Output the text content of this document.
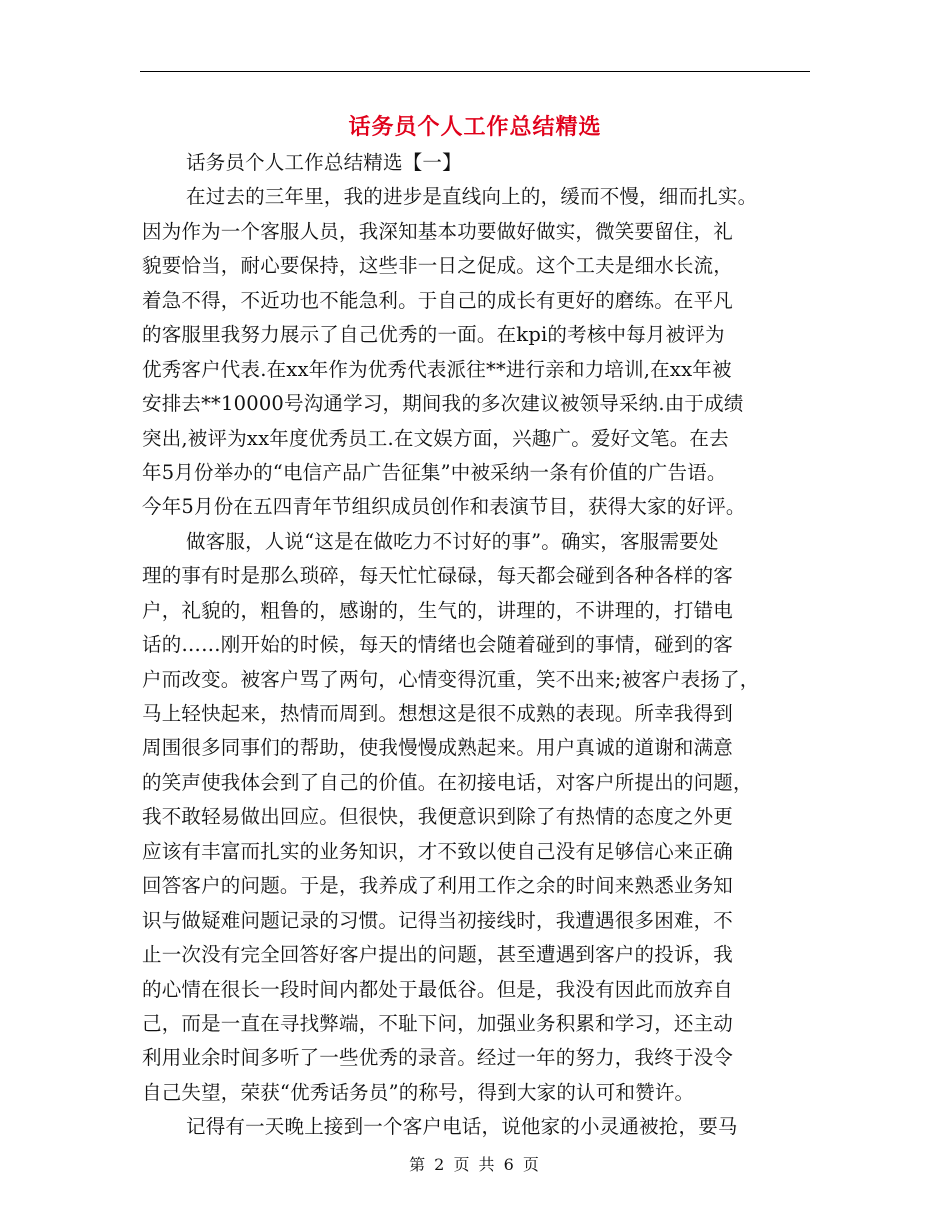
话务员个人工作总结精选
话务员个人工作总结精选【一】
在过去的三年里，我的进步是直线向上的，缓而不慢，细而扎实。
因为作为一个客服人员，我深知基本功要做好做实，微笑要留住，礼
貌要恰当，耐心要保持，这些非一日之促成。这个工夫是细水长流，
着急不得，不近功也不能急利。于自己的成长有更好的磨练。在平凡
的客服里我努力展示了自己优秀的一面。在kpi的考核中每月被评为
优秀客户代表.在xx年作为优秀代表派往**进行亲和力培训,在xx年被
安排去**10000号沟通学习，期间我的多次建议被领导采纳.由于成绩
突出,被评为xx年度优秀员工.在文娱方面，兴趣广。爱好文笔。在去
年5月份举办的“电信产品广告征集”中被采纳一条有价值的广告语。
今年5月份在五四青年节组织成员创作和表演节目，获得大家的好评。
做客服，人说“这是在做吃力不讨好的事”。确实，客服需要处
理的事有时是那么琐碎，每天忙忙碌碌，每天都会碰到各种各样的客
户，礼貌的，粗鲁的，感谢的，生气的，讲理的，不讲理的，打错电
话的……刚开始的时候，每天的情绪也会随着碰到的事情，碰到的客
户而改变。被客户骂了两句，心情变得沉重，笑不出来;被客户表扬了，
马上轻快起来，热情而周到。想想这是很不成熟的表现。所幸我得到
周围很多同事们的帮助，使我慢慢成熟起来。用户真诚的道谢和满意
的笑声使我体会到了自己的价值。在初接电话，对客户所提出的问题，
我不敢轻易做出回应。但很快，我便意识到除了有热情的态度之外更
应该有丰富而扎实的业务知识，才不致以使自己没有足够信心来正确
回答客户的问题。于是，我养成了利用工作之余的时间来熟悉业务知
识与做疑难问题记录的习惯。记得当初接线时，我遭遇很多困难，不
止一次没有完全回答好客户提出的问题，甚至遭遇到客户的投诉，我
的心情在很长一段时间内都处于最低谷。但是，我没有因此而放弃自
己，而是一直在寻找弊端，不耻下问，加强业务积累和学习，还主动
利用业余时间多听了一些优秀的录音。经过一年的努力，我终于没令
自己失望，荣获“优秀话务员”的称号，得到大家的认可和赞许。
记得有一天晚上接到一个客户电话，说他家的小灵通被抢，要马
第 2 页 共 6 页
